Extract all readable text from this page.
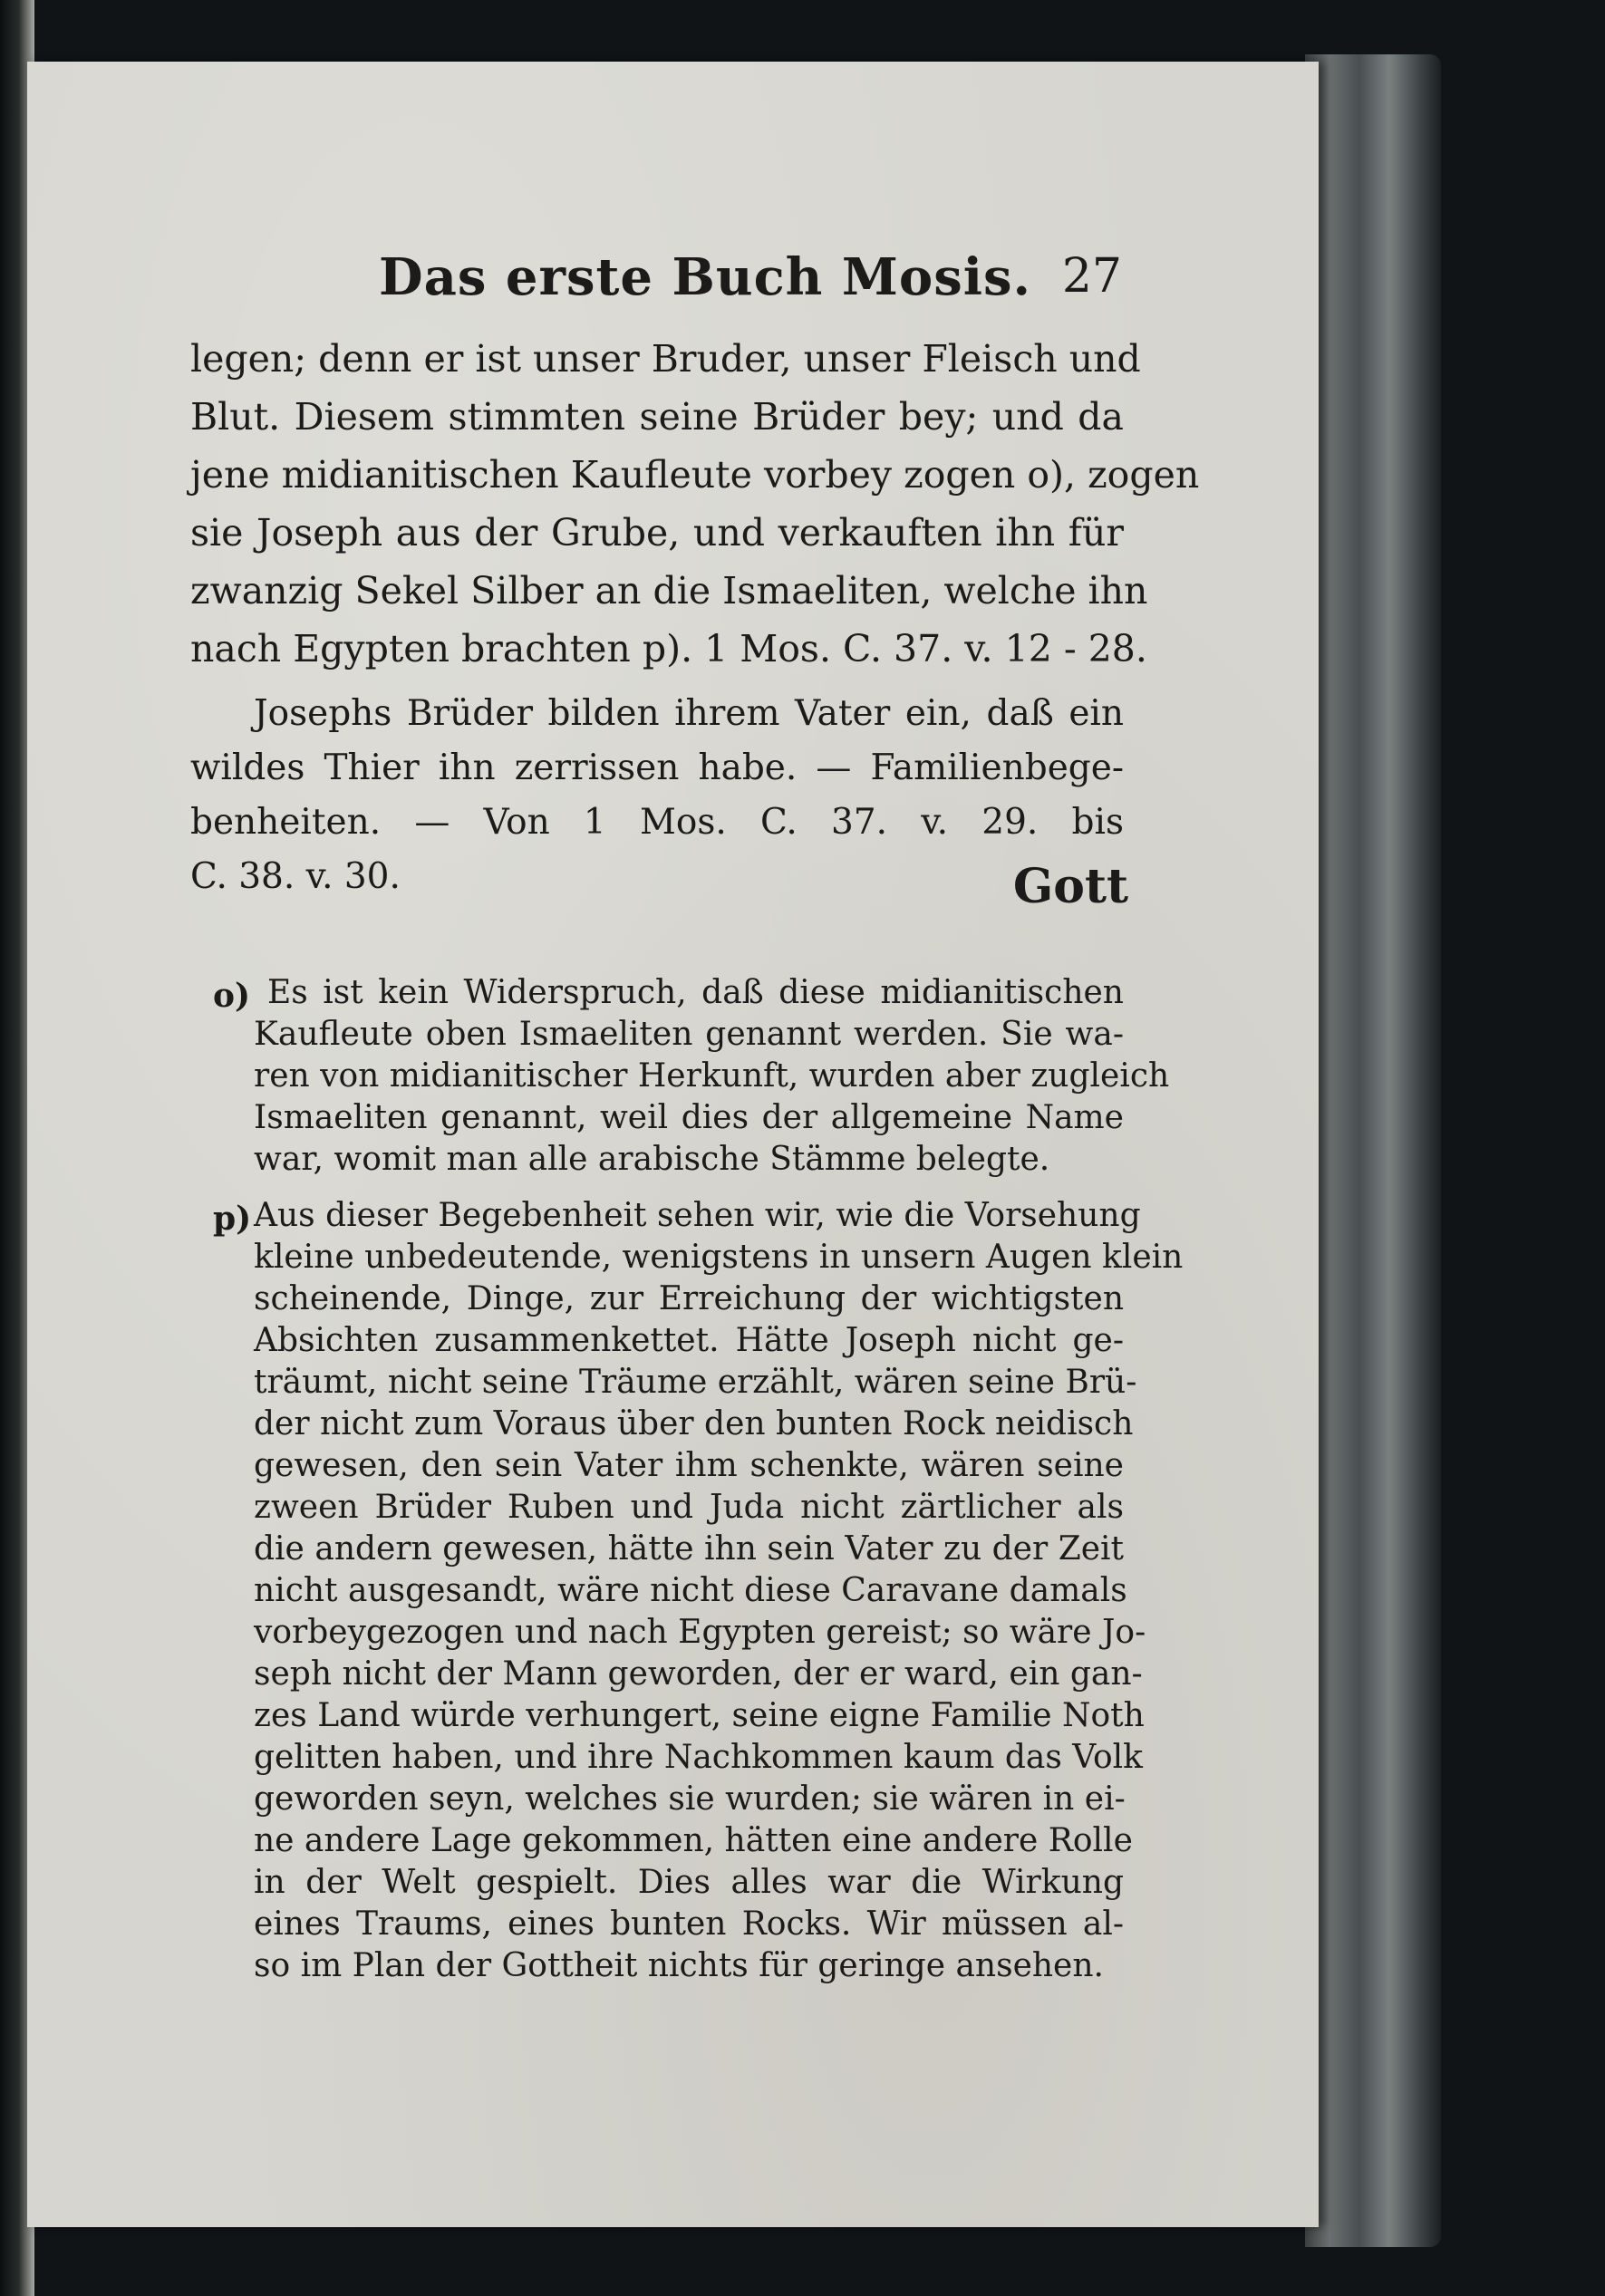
Das erste Buch Mosis. 27
legen; denn er ist unser Bruder, unser Fleisch und
Blut. Diesem stimmten seine Brüder bey; und da
jene midianitischen Kaufleute vorbey zogen o), zogen
sie Joseph aus der Grube, und verkauften ihn für
zwanzig Sekel Silber an die Ismaeliten, welche ihn
nach Egypten brachten p). 1 Mos. C. 37. v. 12 - 28.
Josephs Brüder bilden ihrem Vater ein, daß ein
wildes Thier ihn zerrissen habe. — Familienbege-
benheiten. — Von 1 Mos. C. 37. v. 29. bis
C. 38. v. 30.	Gott
o) Es ist kein Widerspruch, daß diese midianitischen
Kaufleute oben Ismaeliten genannt werden. Sie wa-
ren von midianitischer Herkunft, wurden aber zugleich
Ismaeliten genannt, weil dies der allgemeine Name
war, womit man alle arabische Stämme belegte.
p) Aus dieser Begebenheit sehen wir, wie die Vorsehung
kleine unbedeutende, wenigstens in unsern Augen klein
scheinende, Dinge, zur Erreichung der wichtigsten
Absichten zusammenkettet. Hätte Joseph nicht ge-
träumt, nicht seine Träume erzählt, wären seine Brü-
der nicht zum Voraus über den bunten Rock neidisch
gewesen, den sein Vater ihm schenkte, wären seine
zween Brüder Ruben und Juda nicht zärtlicher als
die andern gewesen, hätte ihn sein Vater zu der Zeit
nicht ausgesandt, wäre nicht diese Caravane damals
vorbeygezogen und nach Egypten gereist; so wäre Jo-
seph nicht der Mann geworden, der er ward, ein gan-
zes Land würde verhungert, seine eigne Familie Noth
gelitten haben, und ihre Nachkommen kaum das Volk
geworden seyn, welches sie wurden; sie wären in ei-
ne andere Lage gekommen, hätten eine andere Rolle
in der Welt gespielt. Dies alles war die Wirkung
eines Traums, eines bunten Rocks. Wir müssen al-
so im Plan der Gottheit nichts für geringe ansehen.
